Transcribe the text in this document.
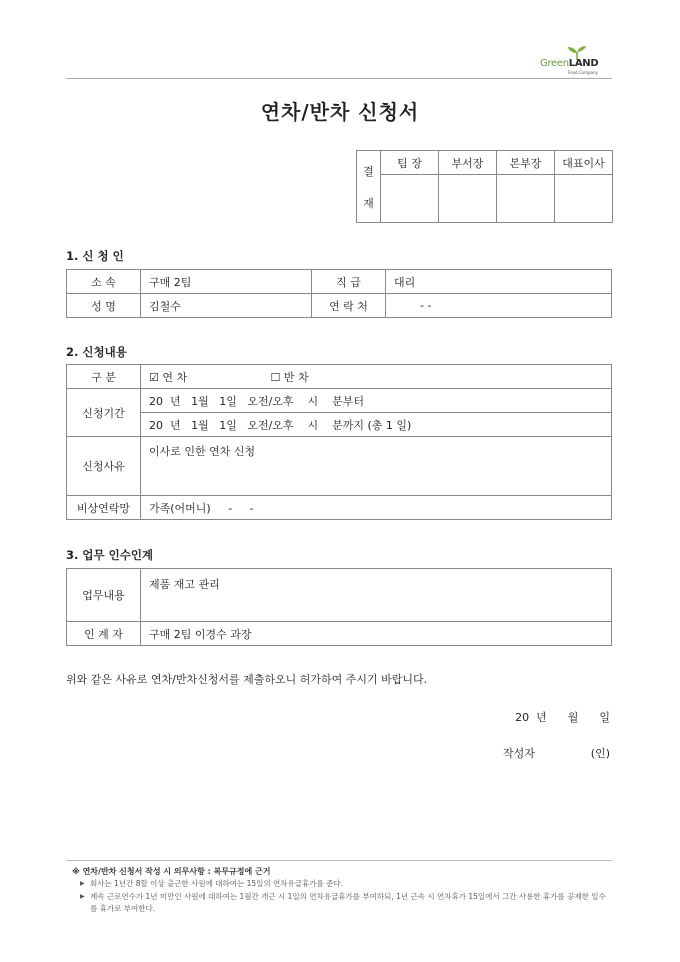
GreenLAND
Food Company
연차/반차 신청서
결
재	팀 장	부서장	본부장	대표이사

1. 신 청 인
소 속	구매 2팀	직 급	대리
성 명	김철수	연 락 처	- -
2. 신청내용
구 분	☑ 연 차 ☐ 반 차
신청기간	20  년   1월   1일   오전/오후    시    분부터
	20  년   1월   1일   오전/오후    시    분까지 (총 1 일)
신청사유	이사로 인한 연차 신청
비상연락망	가족(어머니)     -     -
3. 업무 인수인계
업무내용	제품 재고 관리
인 계 자	구매 2팀 이경수 과장
위와 같은 사유로 연차/반차신청서를 제출하오니 허가하여 주시기 바랍니다.
20  년      월      일
작성자                (인)
※ 연차/반차 신청서 작성 시 의무사항 : 복무규정에 근거
▶ 회사는 1년간 8할 이상 출근한 사원에 대하여는 15일의 연차유급휴가를 준다.
▶ 계속 근로연수가 1년 미만인 사원에 대하여는 1월간 개근 시 1일의 연차유급휴가를 부여하되, 1년 근속 시 연차휴가 15일에서 그간 사용한 휴가를 공제한 일수를 휴가로 부여한다.
